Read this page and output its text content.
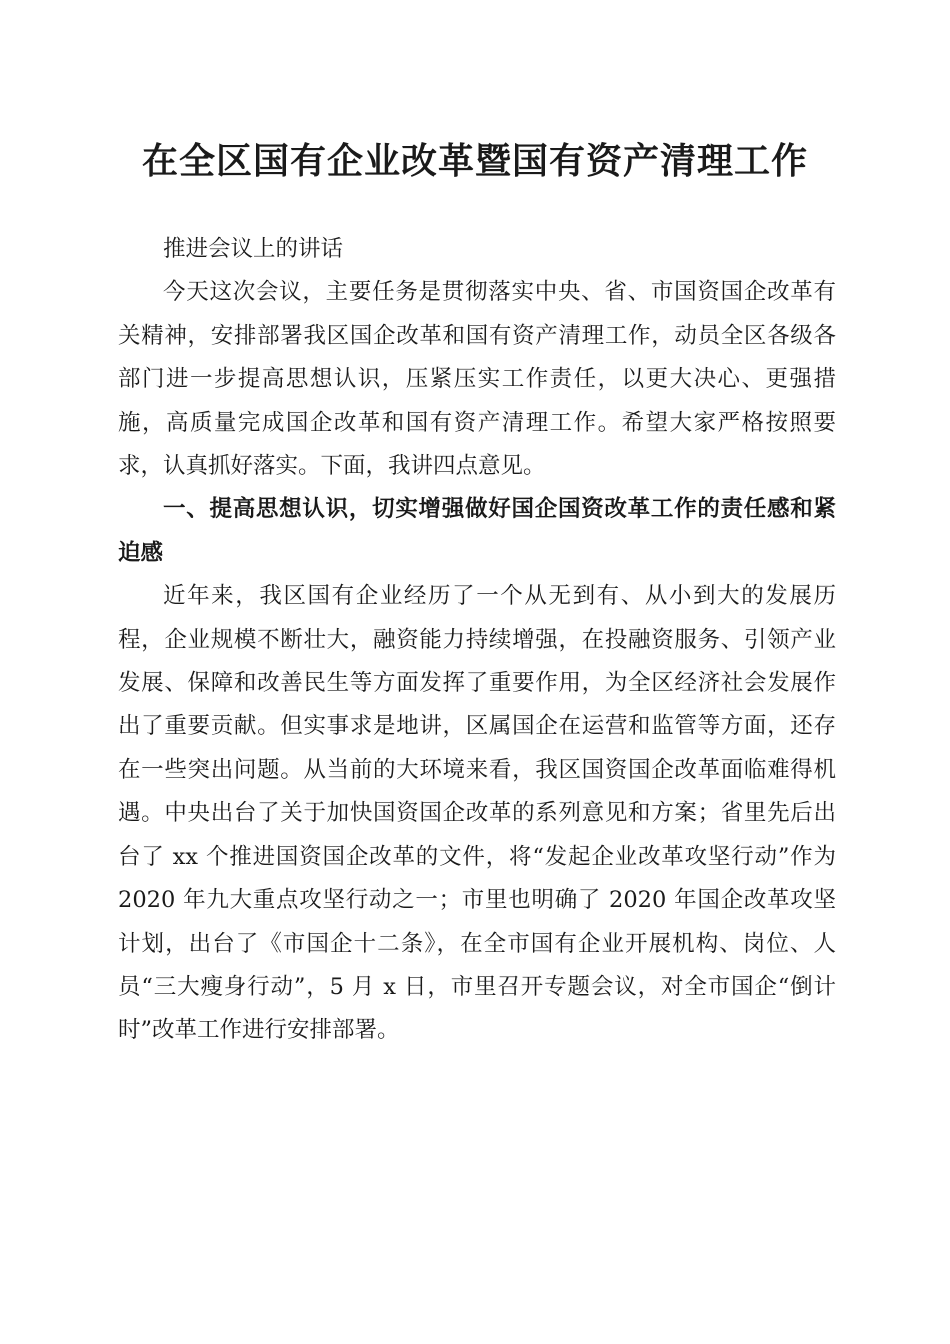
在全区国有企业改革暨国有资产清理工作

推进会议上的讲话

今天这次会议，主要任务是贯彻落实中央、省、市国资国企改革有关精神，安排部署我区国企改革和国有资产清理工作，动员全区各级各部门进一步提高思想认识，压紧压实工作责任，以更大决心、更强措施，高质量完成国企改革和国有资产清理工作。希望大家严格按照要求，认真抓好落实。下面，我讲四点意见。

一、提高思想认识，切实增强做好国企国资改革工作的责任感和紧迫感

近年来，我区国有企业经历了一个从无到有、从小到大的发展历程，企业规模不断壮大，融资能力持续增强，在投融资服务、引领产业发展、保障和改善民生等方面发挥了重要作用，为全区经济社会发展作出了重要贡献。但实事求是地讲，区属国企在运营和监管等方面，还存在一些突出问题。从当前的大环境来看，我区国资国企改革面临难得机遇。中央出台了关于加快国资国企改革的系列意见和方案；省里先后出台了 xx 个推进国资国企改革的文件，将“发起企业改革攻坚行动”作为 2020 年九大重点攻坚行动之一；市里也明确了 2020 年国企改革攻坚计划，出台了《市国企十二条》，在全市国有企业开展机构、岗位、人员“三大瘦身行动”，5 月 x 日，市里召开专题会议，对全市国企“倒计时”改革工作进行安排部署。
